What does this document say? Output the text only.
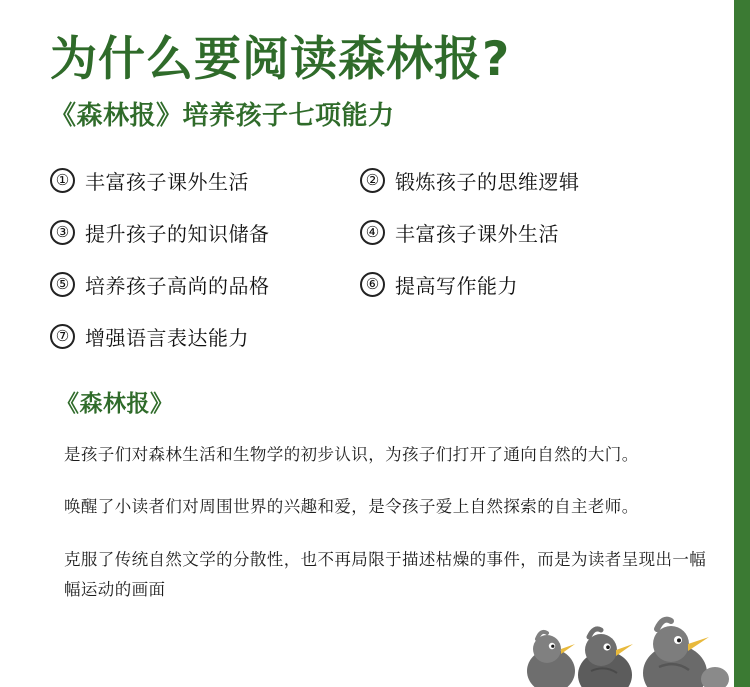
为什么要阅读森林报?
《森林报》培养孩子七项能力
① 丰富孩子课外生活	② 锻炼孩子的思维逻辑
③ 提升孩子的知识储备	④ 丰富孩子课外生活
⑤ 培养孩子高尚的品格	⑥ 提高写作能力
⑦ 增强语言表达能力
《森林报》

是孩子们对森林生活和生物学的初步认识，为孩子们打开了通向自然的大门。

唤醒了小读者们对周围世界的兴趣和爱，是令孩子爱上自然探索的自主老师。

克服了传统自然文学的分散性，也不再局限于描述枯燥的事件，而是为读者呈现出一幅幅运动的画面
